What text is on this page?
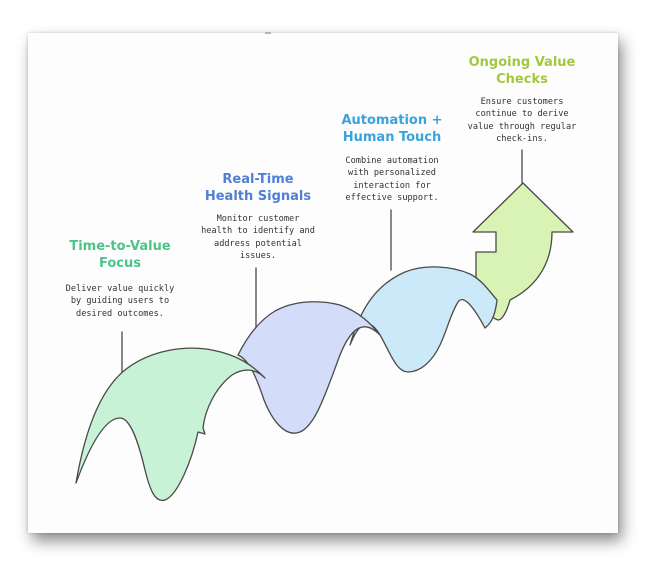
Time-to-Value
Focus
Deliver value quickly
by guiding users to
desired outcomes.
Real-Time
Health Signals
Monitor customer
health to identify and
address potential
issues.
Automation +
Human Touch
Combine automation
with personalized
interaction for
effective support.
Ongoing Value
Checks
Ensure customers
continue to derive
value through regular
check-ins.
